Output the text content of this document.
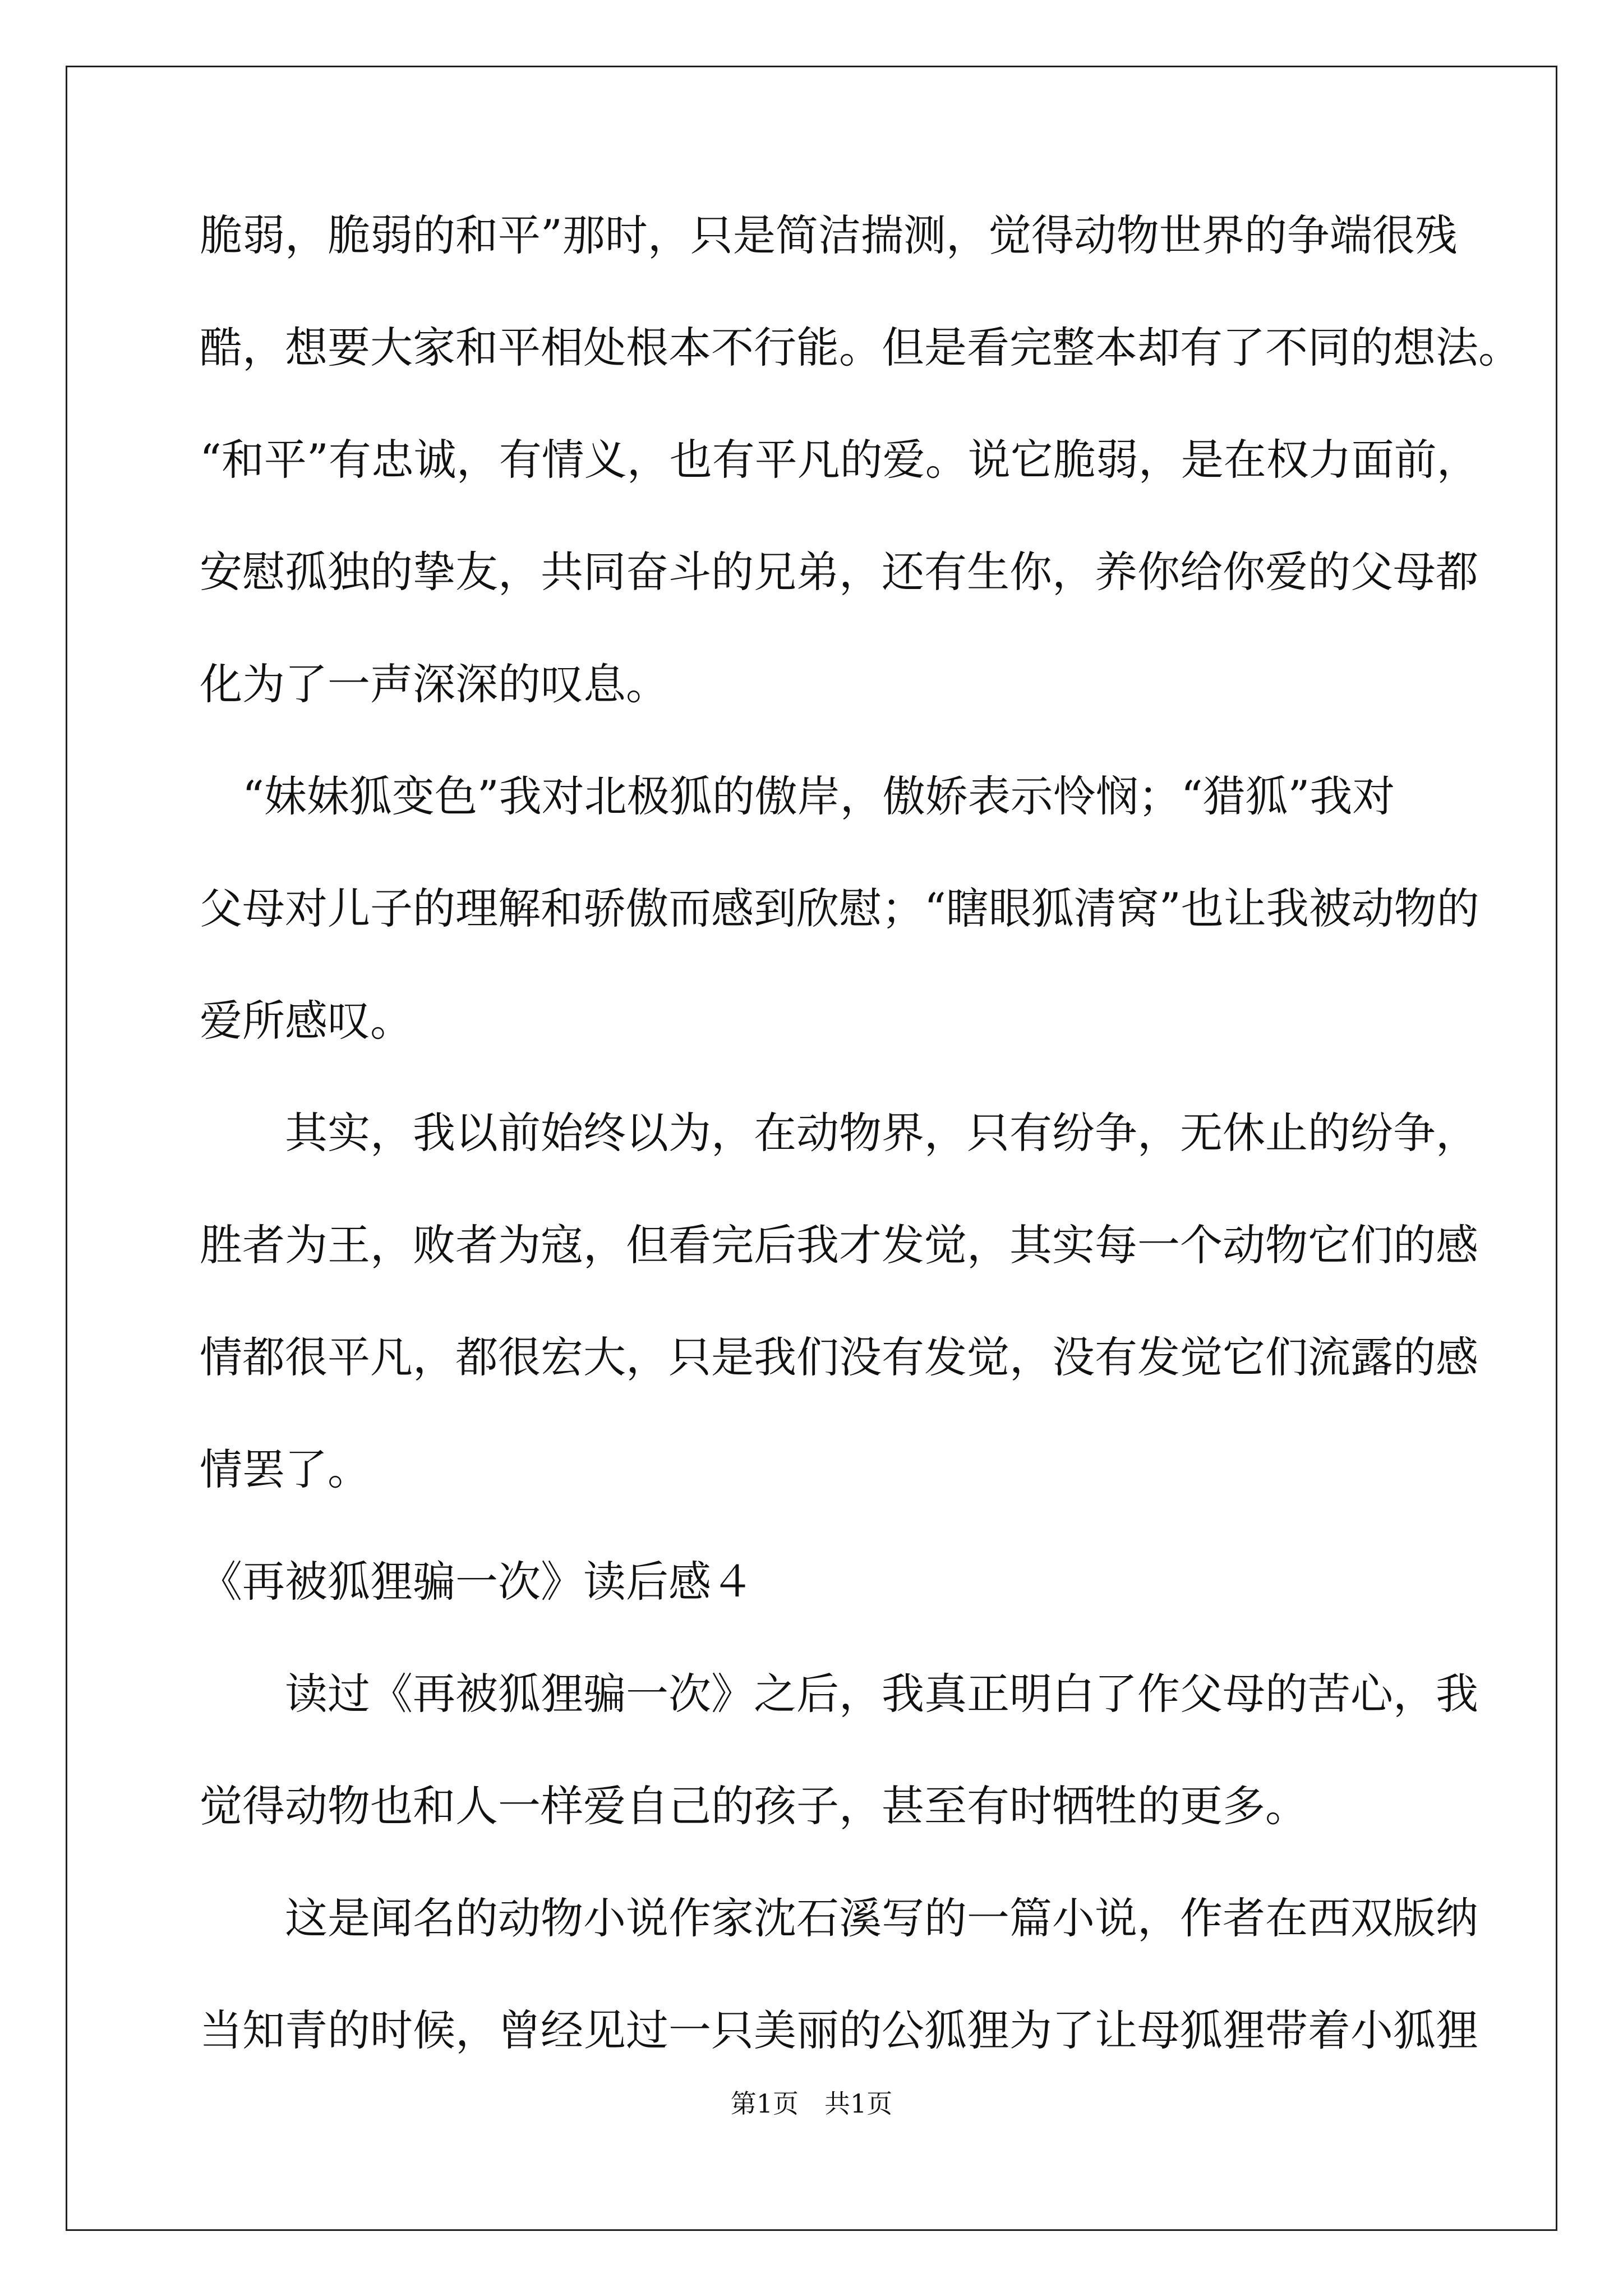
脆弱，脆弱的和平”那时，只是简洁揣测，觉得动物世界的争端很残
酷，想要大家和平相处根本不行能。但是看完整本却有了不同的想法。
“和平”有忠诚，有情义，也有平凡的爱。说它脆弱，是在权力面前，
安慰孤独的挚友，共同奋斗的兄弟，还有生你，养你给你爱的父母都
化为了一声深深的叹息。
　“妹妹狐变色”我对北极狐的傲岸，傲娇表示怜悯；“猎狐”我对
父母对儿子的理解和骄傲而感到欣慰；“瞎眼狐清窝”也让我被动物的
爱所感叹。
　　其实，我以前始终以为，在动物界，只有纷争，无休止的纷争，
胜者为王，败者为寇，但看完后我才发觉，其实每一个动物它们的感
情都很平凡，都很宏大，只是我们没有发觉，没有发觉它们流露的感
情罢了。
《再被狐狸骗一次》读后感４
　　读过《再被狐狸骗一次》之后，我真正明白了作父母的苦心，我
觉得动物也和人一样爱自己的孩子，甚至有时牺牲的更多。
　　这是闻名的动物小说作家沈石溪写的一篇小说，作者在西双版纳
当知青的时候，曾经见过一只美丽的公狐狸为了让母狐狸带着小狐狸
第1页　共1页
